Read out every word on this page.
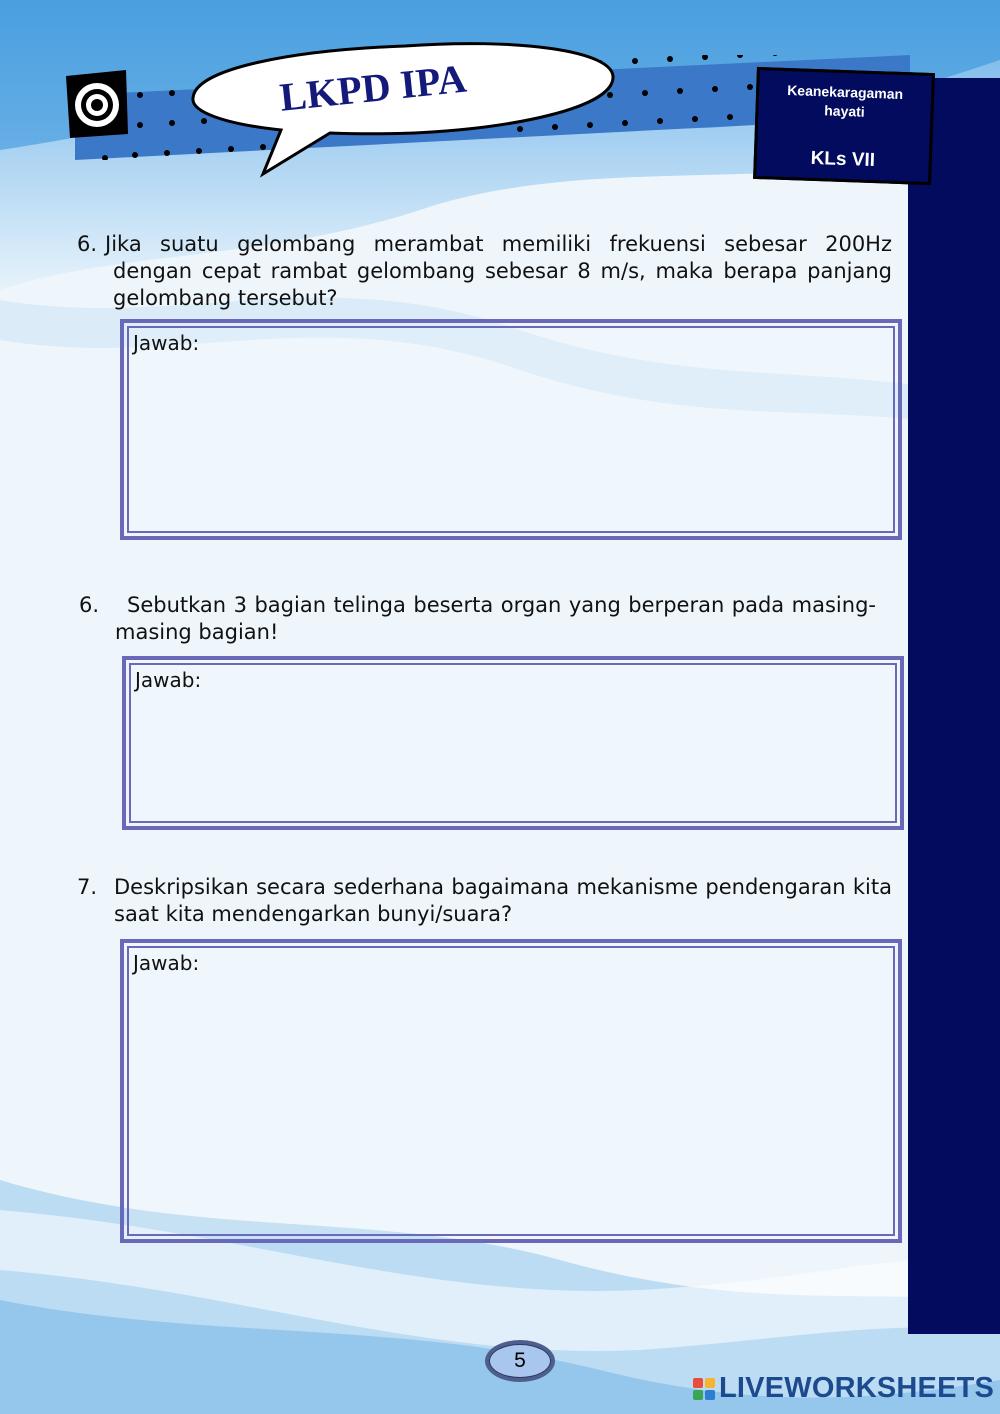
LKPD IPA	Keanekaragaman hayati
KLs VII
6. Jika suatu gelombang merambat memiliki frekuensi sebesar 200Hz dengan cepat rambat gelombang sebesar 8 m/s, maka berapa panjang gelombang tersebut?
Jawab:
6.	Sebutkan 3 bagian telinga beserta organ yang berperan pada masing-masing bagian!
Jawab:
7. Deskripsikan secara sederhana bagaimana mekanisme pendengaran kita saat kita mendengarkan bunyi/suara?
Jawab:
5
LIVEWORKSHEETS
